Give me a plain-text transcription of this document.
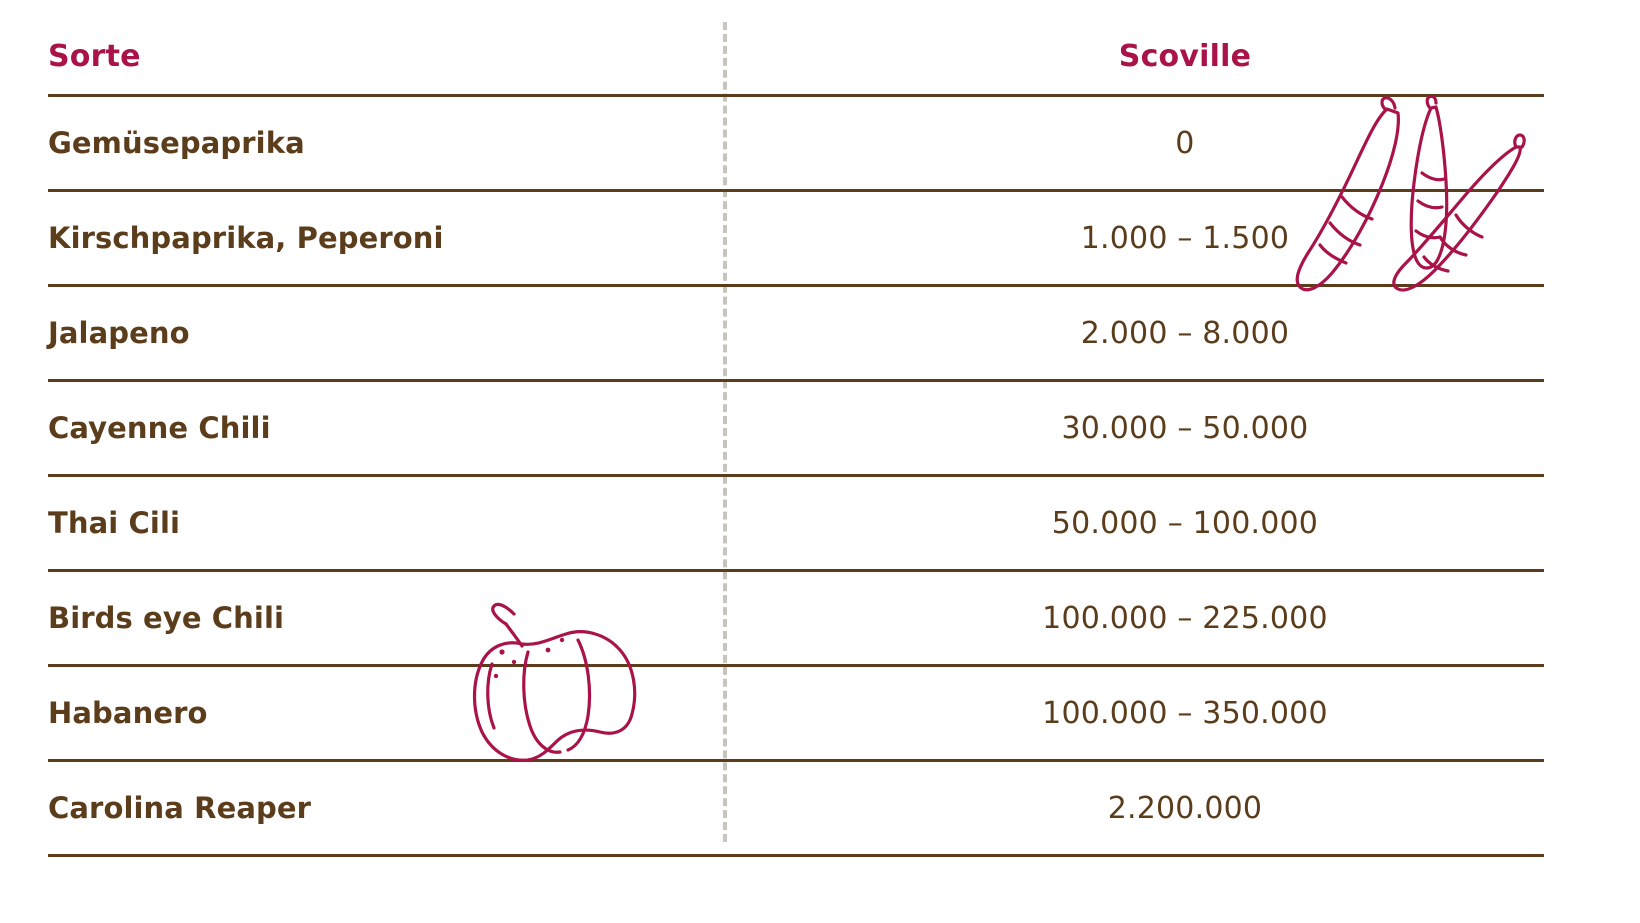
Sorte	Scoville
Gemüsepaprika	0
Kirschpaprika, Peperoni	1.000 – 1.500
Jalapeno	2.000 – 8.000
Cayenne Chili	30.000 – 50.000
Thai Cili	50.000 – 100.000
Birds eye Chili	100.000 – 225.000
Habanero	100.000 – 350.000
Carolina Reaper	2.200.000
